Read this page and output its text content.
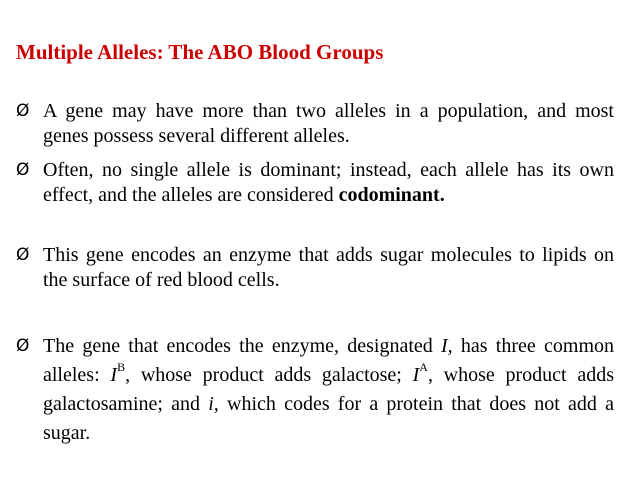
Multiple Alleles: The ABO Blood Groups
Ø A gene may have more than two alleles in a population, and most genes possess several different alleles.
Ø Often, no single allele is dominant; instead, each allele has its own effect, and the alleles are considered codominant.
Ø This gene encodes an enzyme that adds sugar molecules to lipids on the surface of red blood cells.
Ø The gene that encodes the enzyme, designated I, has three common alleles: $I^B$, whose product adds galactose; $I^A$, whose product adds galactosamine; and i, which codes for a protein that does not add a sugar.
